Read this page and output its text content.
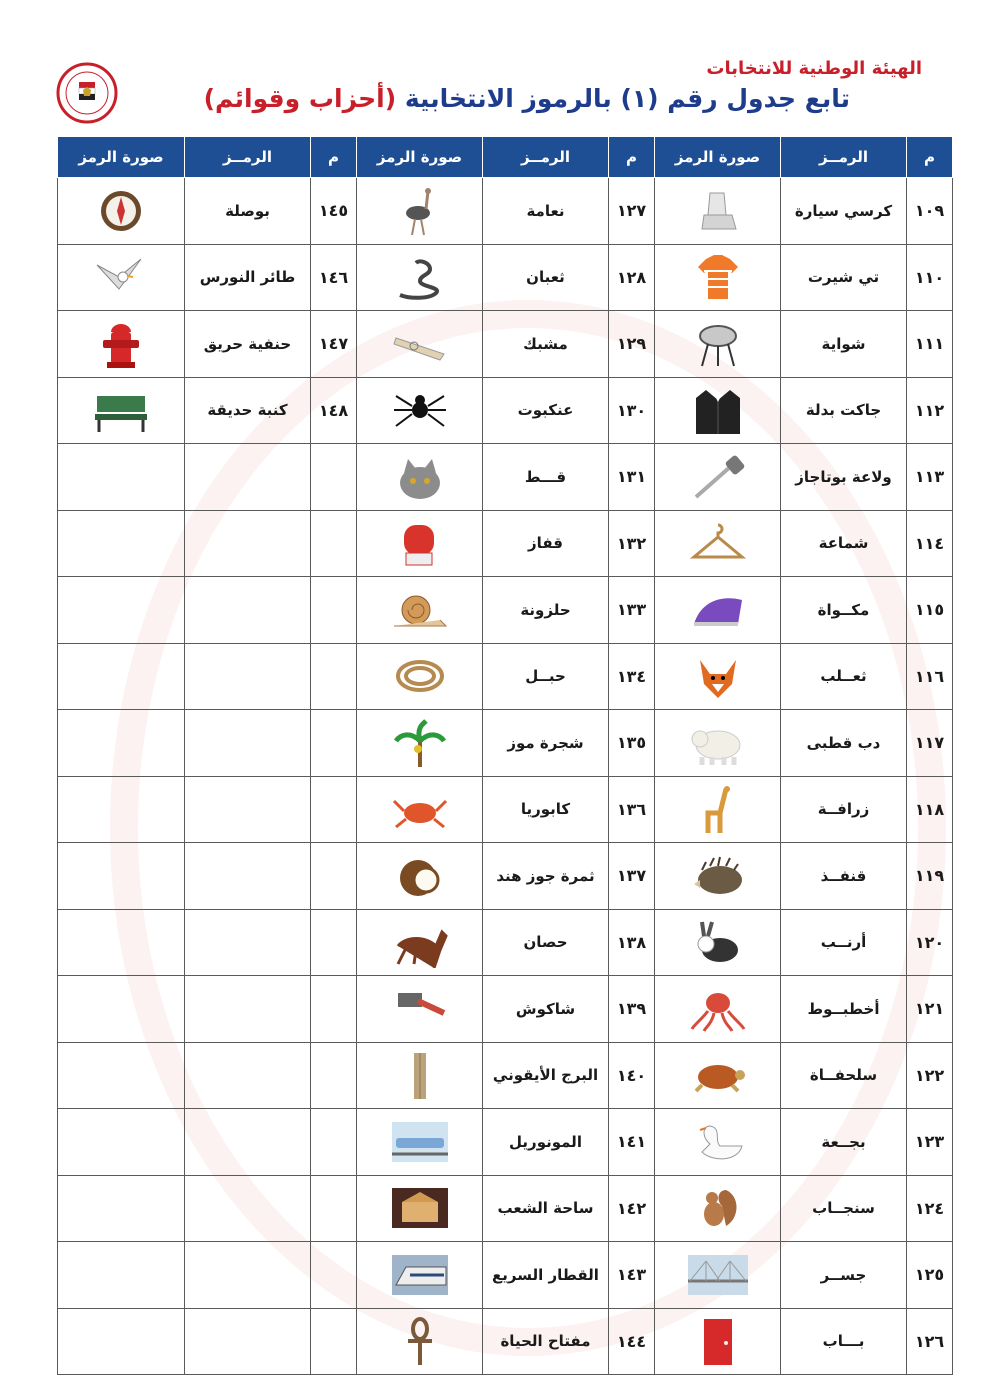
الهيئة الوطنية للانتخابات
تابع جدول رقم (١) بالرموز الانتخابية (أحزاب وقوائم)
م	الرمــز	صورة الرمز	م	الرمــز	صورة الرمز	م	الرمــز	صورة الرمز
١٠٩	كرسي سيارة		١٢٧	نعامة		١٤٥	بوصلة	
١١٠	تي شيرت		١٢٨	ثعبان		١٤٦	طائر النورس	
١١١	شواية		١٢٩	مشبك		١٤٧	حنفية حريق	
١١٢	جاكت بدلة		١٣٠	عنكبوت		١٤٨	كنبة حديقة	
١١٣	ولاعة بوتاجاز		١٣١	قـــط				
١١٤	شماعة		١٣٢	قفاز				
١١٥	مكــواة		١٣٣	حلزونة				
١١٦	ثعــلب		١٣٤	حبــل				
١١٧	دب قطبى		١٣٥	شجرة موز				
١١٨	زرافــة		١٣٦	كابوريا				
١١٩	قنفــذ		١٣٧	ثمرة جوز هند				
١٢٠	أرنــب		١٣٨	حصان				
١٢١	أخطبــوط		١٣٩	شاكوش				
١٢٢	سلحفــاة		١٤٠	البرج الأيقوني				
١٢٣	بجــعة		١٤١	المونوريل				
١٢٤	سنجــاب		١٤٢	ساحة الشعب				
١٢٥	جســر		١٤٣	القطار السريع				
١٢٦	بـــاب		١٤٤	مفتاح الحياة				
